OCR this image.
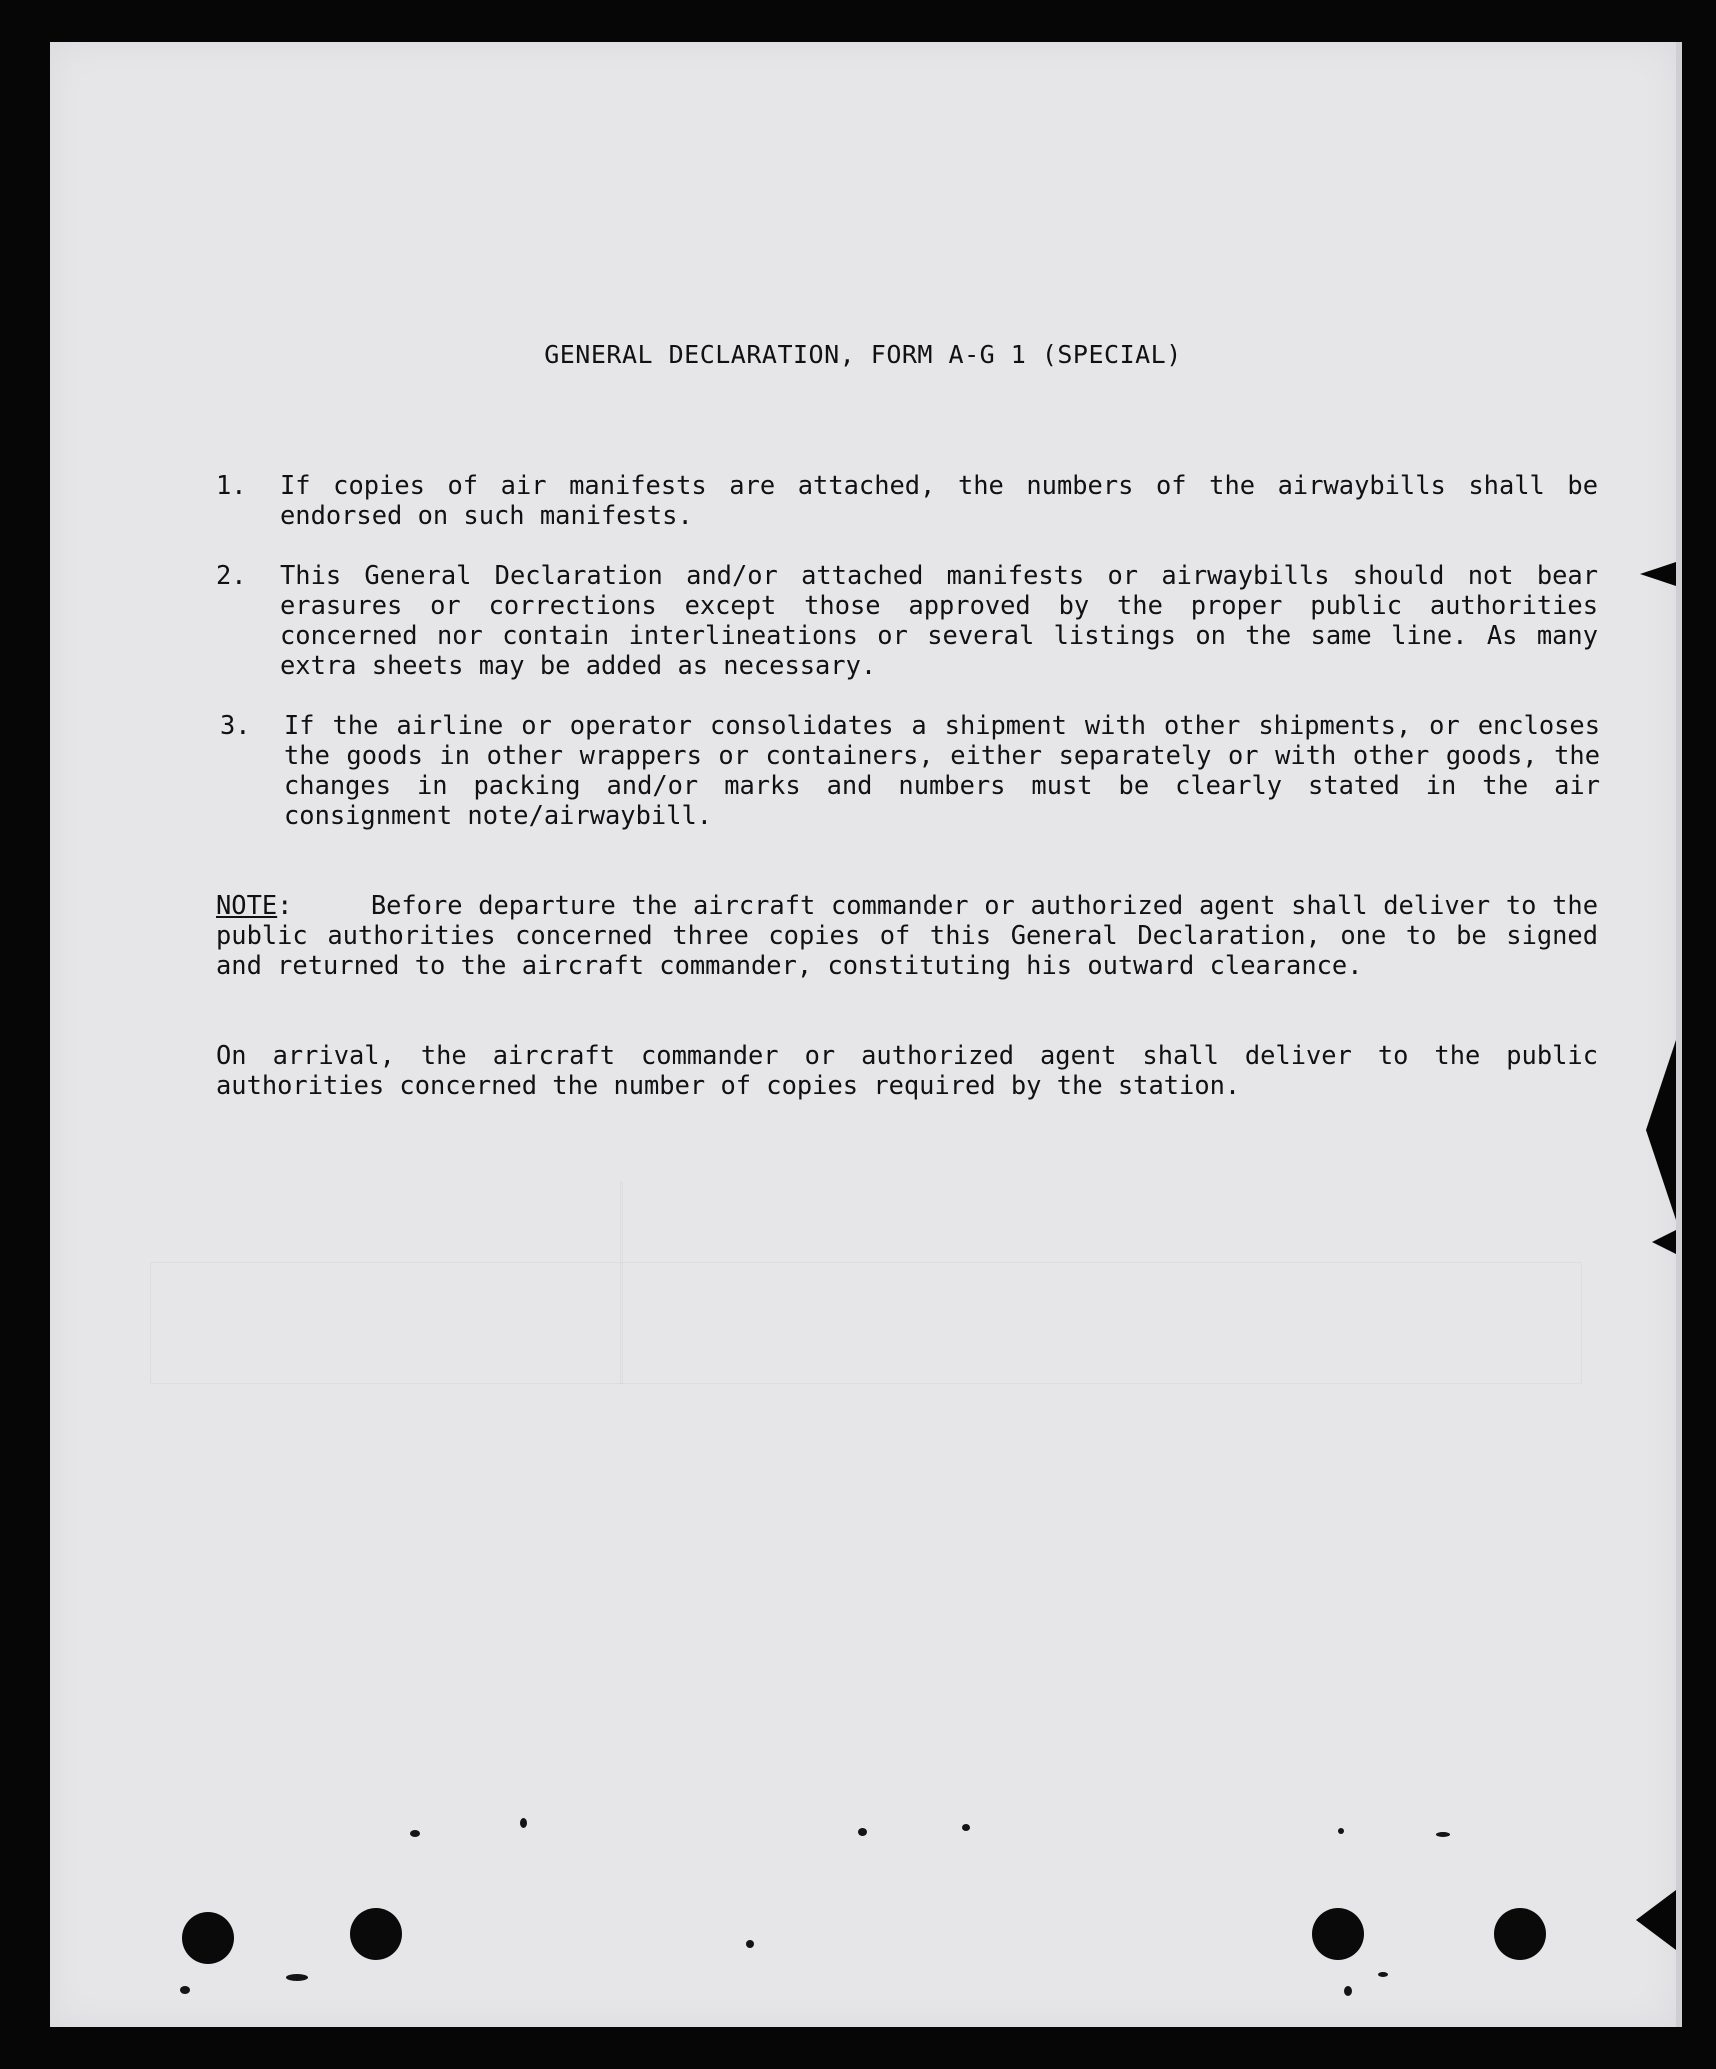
GENERAL DECLARATION, FORM A-G 1 (SPECIAL)
1. If copies of air manifests are attached, the numbers of the airwaybills shall be endorsed on such manifests.

2. This General Declaration and/or attached manifests or airwaybills should not bear erasures or corrections except those approved by the proper public authorities concerned nor contain interlineations or several listings on the same line. As many extra sheets may be added as necessary.

3. If the airline or operator consolidates a shipment with other shipments, or encloses the goods in other wrappers or containers, either separately or with other goods, the changes in packing and/or marks and numbers must be clearly stated in the air consignment note/airwaybill.

NOTE:	Before departure the aircraft commander or authorized agent shall deliver to the public authorities concerned three copies of this General Declaration, one to be signed and returned to the aircraft commander, constituting his outward clearance.

On arrival, the aircraft commander or authorized agent shall deliver to the public authorities concerned the number of copies required by the station.
